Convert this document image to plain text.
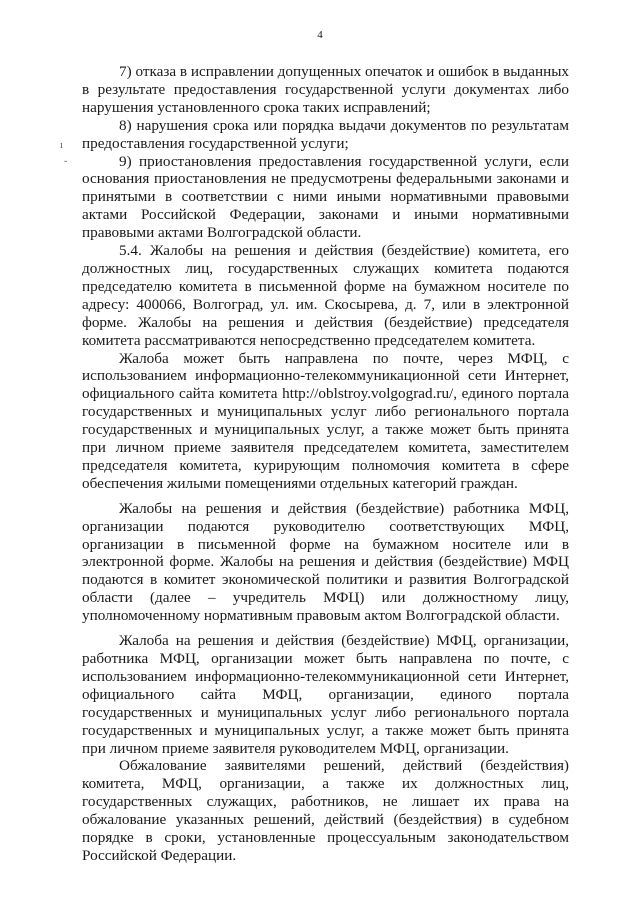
4
ı
˘

7) отказа в исправлении допущенных опечаток и ошибок в выданных в результате предоставления государственной услуги документах либо нарушения установленного срока таких исправлений;

8) нарушения срока или порядка выдачи документов по результатам предоставления государственной услуги;

9) приостановления предоставления государственной услуги, если основания приостановления не предусмотрены федеральными законами и принятыми в соответствии с ними иными нормативными правовыми актами Российской Федерации, законами и иными нормативными правовыми актами Волгоградской области.

5.4. Жалобы на решения и действия (бездействие) комитета, его должностных лиц, государственных служащих комитета подаются председателю комитета в письменной форме на бумажном носителе по адресу: 400066, Волгоград, ул. им. Скосырева, д. 7, или в электронной форме. Жалобы на решения и действия (бездействие) председателя комитета рассматриваются непосредственно председателем комитета.

Жалоба может быть направлена по почте, через МФЦ, с использованием информационно-телекоммуникационной сети Интернет, официального сайта комитета http://oblstroy.volgograd.ru/, единого портала государственных и муниципальных услуг либо регионального портала государственных и муниципальных услуг, а также может быть принята при личном приеме заявителя председателем комитета, заместителем председателя комитета, курирующим полномочия комитета в сфере обеспечения жилыми помещениями отдельных категорий граждан.

Жалобы на решения и действия (бездействие) работника МФЦ, организации подаются руководителю соответствующих МФЦ, организации в письменной форме на бумажном носителе или в электронной форме. Жалобы на решения и действия (бездействие) МФЦ подаются в комитет экономической политики и развития Волгоградской области (далее – учредитель МФЦ) или должностному лицу, уполномоченному нормативным правовым актом Волгоградской области.

Жалоба на решения и действия (бездействие) МФЦ, организации, работника МФЦ, организации может быть направлена по почте, с использованием информационно-телекоммуникационной сети Интернет, официального сайта МФЦ, организации, единого портала государственных и муниципальных услуг либо регионального портала государственных и муниципальных услуг, а также может быть принята при личном приеме заявителя руководителем МФЦ, организации.

Обжалование заявителями решений, действий (бездействия) комитета, МФЦ, организации, а также их должностных лиц, государственных служащих, работников, не лишает их права на обжалование указанных решений, действий (бездействия) в судебном порядке в сроки, установленные процессуальным законодательством Российской Федерации.
